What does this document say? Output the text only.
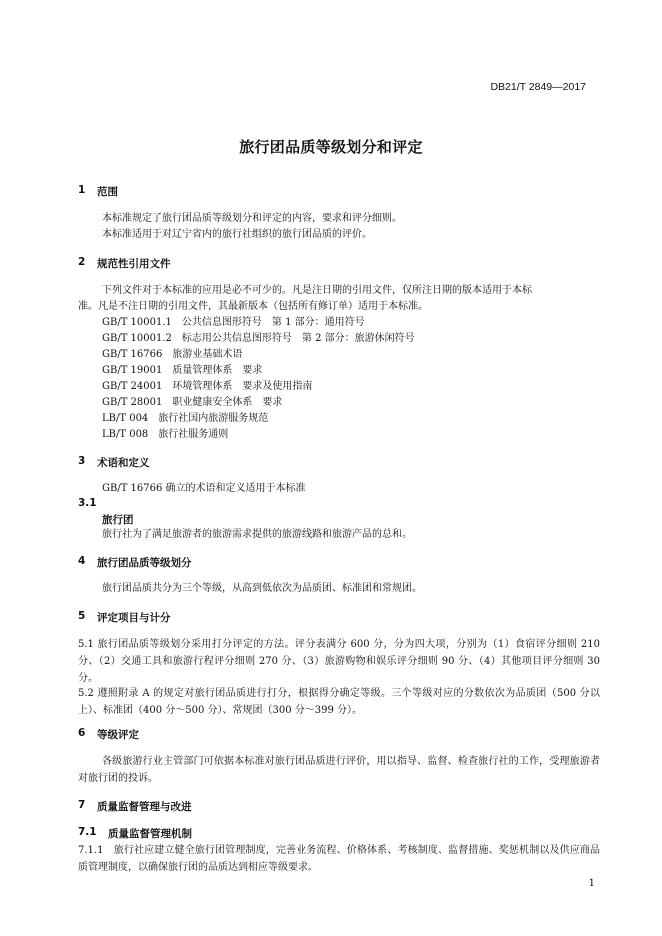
DB21/T 2849—2017
旅行团品质等级划分和评定
1 范围
本标准规定了旅行团品质等级划分和评定的内容，要求和评分细则。
本标准适用于对辽宁省内的旅行社组织的旅行团品质的评价。
2 规范性引用文件
下列文件对于本标准的应用是必不可少的。凡是注日期的引用文件，仅所注日期的版本适用于本标
准。凡是不注日期的引用文件，其最新版本（包括所有修订单）适用于本标准。
GB/T 10001.1　公共信息图形符号　第 1 部分：通用符号
GB/T 10001.2　标志用公共信息图形符号　第 2 部分：旅游休闲符号
GB/T 16766　旅游业基础术语
GB/T 19001　质量管理体系　要求
GB/T 24001　环境管理体系　要求及使用指南
GB/T 28001　职业健康安全体系　要求
LB/T 004　旅行社国内旅游服务规范
LB/T 008　旅行社服务通则
3 术语和定义
GB/T 16766 确立的术语和定义适用于本标准
3.1
旅行团
旅行社为了满足旅游者的旅游需求提供的旅游线路和旅游产品的总和。
4 旅行团品质等级划分
旅行团品质共分为三个等级，从高到低依次为品质团、标准团和常规团。
5 评定项目与计分
5.1 旅行团品质等级划分采用打分评定的方法。评分表满分 600 分，分为四大项，分别为（1）食宿评分细则 210 分、（2）交通工具和旅游行程评分细则 270 分、（3）旅游购物和娱乐评分细则 90 分、（4）其他项目评分细则 30 分。
5.2 遵照附录 A 的规定对旅行团品质进行打分，根据得分确定等级。三个等级对应的分数依次为品质团（500 分以上）、标准团（400 分～500 分）、常规团（300 分～399 分）。
6 等级评定
各级旅游行业主管部门可依据本标准对旅行团品质进行评价，用以指导、监督、检查旅行社的工作，受理旅游者对旅行团的投诉。
7 质量监督管理与改进
7.1 质量监督管理机制
7.1.1　旅行社应建立健全旅行团管理制度，完善业务流程、价格体系、考核制度、监督措施、奖惩机制以及供应商品质管理制度，以确保旅行团的品质达到相应等级要求。
1
